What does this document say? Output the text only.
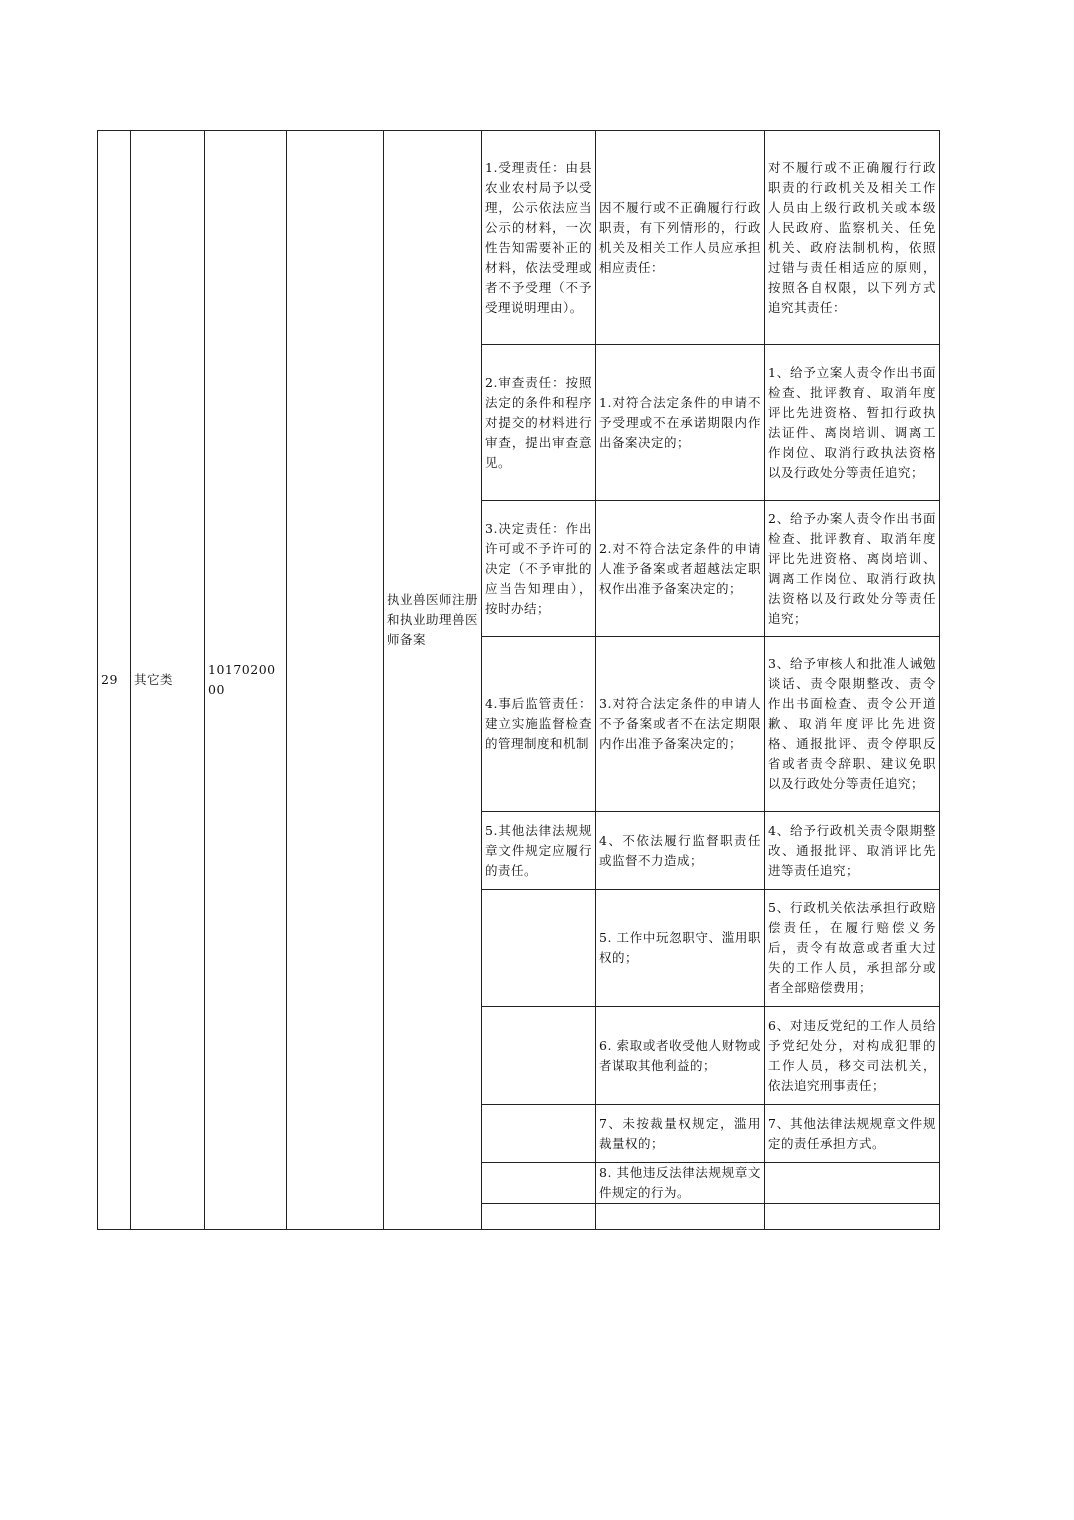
29	其它类	1017020000		执业兽医师注册和执业助理兽医师备案	1.受理责任：由县农业农村局予以受理，公示依法应当公示的材料，一次性告知需要补正的材料，依法受理或者不予受理（不予受理说明理由）。	因不履行或不正确履行行政职责，有下列情形的，行政机关及相关工作人员应承担相应责任：	对不履行或不正确履行行政职责的行政机关及相关工作人员由上级行政机关或本级人民政府、监察机关、任免机关、政府法制机构，依照过错与责任相适应的原则，按照各自权限，以下列方式追究其责任：
					2.审查责任：按照法定的条件和程序对提交的材料进行审查，提出审查意见。	1.对符合法定条件的申请不予受理或不在承诺期限内作出备案决定的；	1、给予立案人责令作出书面检查、批评教育、取消年度评比先进资格、暂扣行政执法证件、离岗培训、调离工作岗位、取消行政执法资格以及行政处分等责任追究；
					3.决定责任：作出许可或不予许可的决定（不予审批的应当告知理由），按时办结；	2.对不符合法定条件的申请人准予备案或者超越法定职权作出准予备案决定的；	2、给予办案人责令作出书面检查、批评教育、取消年度评比先进资格、离岗培训、调离工作岗位、取消行政执法资格以及行政处分等责任追究；
					4.事后监管责任：建立实施监督检查的管理制度和机制	3.对符合法定条件的申请人不予备案或者不在法定期限内作出准予备案决定的；	3、给予审核人和批准人诫勉谈话、责令限期整改、责令作出书面检查、责令公开道歉、取消年度评比先进资格、通报批评、责令停职反省或者责令辞职、建议免职以及行政处分等责任追究；
					5.其他法律法规规章文件规定应履行的责任。	4、不依法履行监督职责任或监督不力造成；	4、给予行政机关责令限期整改、通报批评、取消评比先进等责任追究；
						5. 工作中玩忽职守、滥用职权的；	5、行政机关依法承担行政赔偿责任，在履行赔偿义务后，责令有故意或者重大过失的工作人员，承担部分或者全部赔偿费用；
						6. 索取或者收受他人财物或者谋取其他利益的；	6、对违反党纪的工作人员给予党纪处分，对构成犯罪的工作人员，移交司法机关，依法追究刑事责任；
						7、未按裁量权规定，滥用裁量权的；	7、其他法律法规规章文件规定的责任承担方式。
						8. 其他违反法律法规规章文件规定的行为。	
